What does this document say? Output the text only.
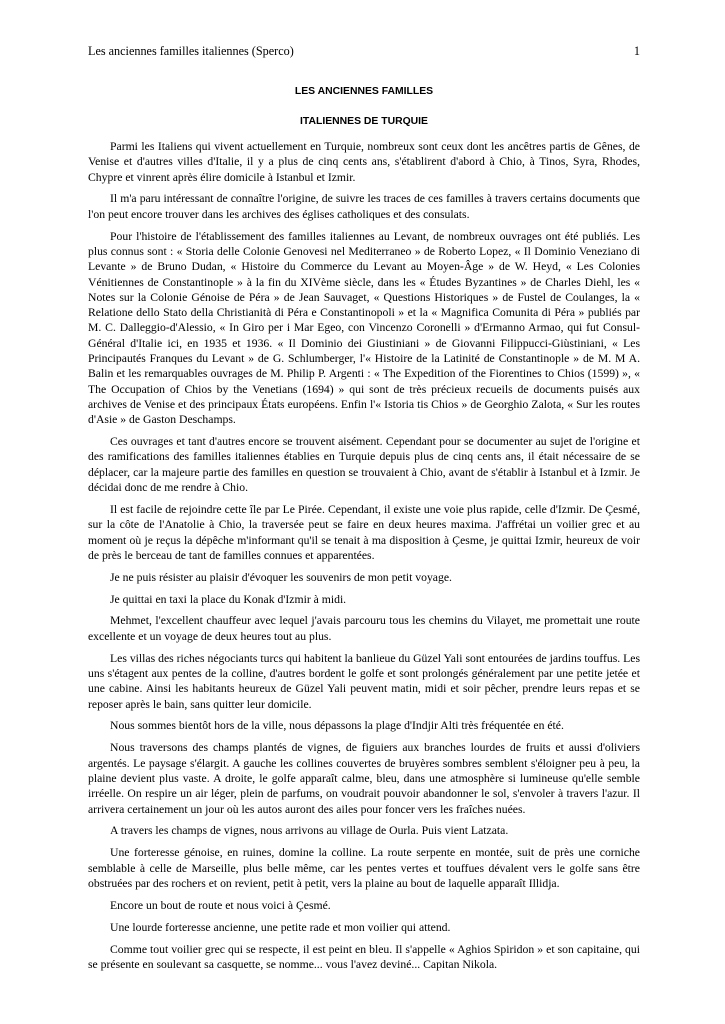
Les anciennes familles italiennes (Sperco)	1
LES ANCIENNES FAMILLES
ITALIENNES DE TURQUIE

Parmi les Italiens qui vivent actuellement en Turquie, nombreux sont ceux dont les ancêtres partis de Gênes, de Venise et d'autres villes d'Italie, il y a plus de cinq cents ans, s'établirent d'abord à Chio, à Tinos, Syra, Rhodes, Chypre et vinrent après élire domicile à Istanbul et Izmir.

Il m'a paru intéressant de connaître l'origine, de suivre les traces de ces familles à travers certains documents que l'on peut encore trouver dans les archives des églises catholiques et des consulats.

Pour l'histoire de l'établissement des familles italiennes au Levant, de nombreux ouvrages ont été publiés. Les plus connus sont : « Storia delle Colonie Genovesi nel Mediterraneo » de Roberto Lopez, « Il Dominio Veneziano di Levante » de Bruno Dudan, « Histoire du Commerce du Levant au Moyen-Âge » de W. Heyd, « Les Colonies Vénitiennes de Constantinople » à la fin du XIVème siècle, dans les « Études Byzantines » de Charles Diehl, les « Notes sur la Colonie Génoise de Péra » de Jean Sauvaget, « Questions Historiques » de Fustel de Coulanges, la « Relatione dello Stato della Christianità di Péra e Constantinopoli » et la « Magnifica Comunita di Péra » publiés par M. C. Dalleggio-d'Alessio, « In Giro per i Mar Egeo, con Vincenzo Coronelli » d'Ermanno Armao, qui fut Consul-Général d'Italie ici, en 1935 et 1936. « Il Dominio dei Giustiniani » de Giovanni Filippucci-Giùstiniani, « Les Principautés Franques du Levant » de G. Schlumberger, l'« Histoire de la Latinité de Constantinople » de M. M A. Balin et les remarquables ouvrages de M. Philip P. Argenti : « The Expedition of the Fiorentines to Chios (1599) », « The Occupation of Chios by the Venetians (1694) » qui sont de très précieux recueils de documents puisés aux archives de Venise et des principaux États européens. Enfin l'« Istoria tis Chios » de Georghio Zalota, « Sur les routes d'Asie » de Gaston Deschamps.

Ces ouvrages et tant d'autres encore se trouvent aisément. Cependant pour se documenter au sujet de l'origine et des ramifications des familles italiennes établies en Turquie depuis plus de cinq cents ans, il était nécessaire de se déplacer, car la majeure partie des familles en question se trouvaient à Chio, avant de s'établir à Istanbul et à Izmir. Je décidai donc de me rendre à Chio.

Il est facile de rejoindre cette île par Le Pirée. Cependant, il existe une voie plus rapide, celle d'Izmir. De Çesmé, sur la côte de l'Anatolie à Chio, la traversée peut se faire en deux heures maxima. J'affrétai un voilier grec et au moment où je reçus la dépêche m'informant qu'il se tenait à ma disposition à Çesme, je quittai Izmir, heureux de voir de près le berceau de tant de familles connues et apparentées.

Je ne puis résister au plaisir d'évoquer les souvenirs de mon petit voyage.

Je quittai en taxi la place du Konak d'Izmir à midi.

Mehmet, l'excellent chauffeur avec lequel j'avais parcouru tous les chemins du Vilayet, me promettait une route excellente et un voyage de deux heures tout au plus.

Les villas des riches négociants turcs qui habitent la banlieue du Güzel Yali sont entourées de jardins touffus. Les uns s'étagent aux pentes de la colline, d'autres bordent le golfe et sont prolongés généralement par une petite jetée et une cabine. Ainsi les habitants heureux de Güzel Yali peuvent matin, midi et soir pêcher, prendre leurs repas et se reposer après le bain, sans quitter leur domicile.

Nous sommes bientôt hors de la ville, nous dépassons la plage d'Indjir Alti très fréquentée en été.

Nous traversons des champs plantés de vignes, de figuiers aux branches lourdes de fruits et aussi d'oliviers argentés. Le paysage s'élargit. A gauche les collines couvertes de bruyères sombres semblent s'éloigner peu à peu, la plaine devient plus vaste. A droite, le golfe apparaît calme, bleu, dans une atmosphère si lumineuse qu'elle semble irréelle. On respire un air léger, plein de parfums, on voudrait pouvoir abandonner le sol, s'envoler à travers l'azur. Il arrivera certainement un jour où les autos auront des ailes pour foncer vers les fraîches nuées.

A travers les champs de vignes, nous arrivons au village de Ourla. Puis vient Latzata.

Une forteresse génoise, en ruines, domine la colline. La route serpente en montée, suit de près une corniche semblable à celle de Marseille, plus belle même, car les pentes vertes et touffues dévalent vers le golfe sans être obstruées par des rochers et on revient, petit à petit, vers la plaine au bout de laquelle apparaît Illidja.

Encore un bout de route et nous voici à Çesmé.

Une lourde forteresse ancienne, une petite rade et mon voilier qui attend.

Comme tout voilier grec qui se respecte, il est peint en bleu. Il s'appelle « Aghios Spiridon » et son capitaine, qui se présente en soulevant sa casquette, se nomme... vous l'avez deviné... Capitan Nikola.
